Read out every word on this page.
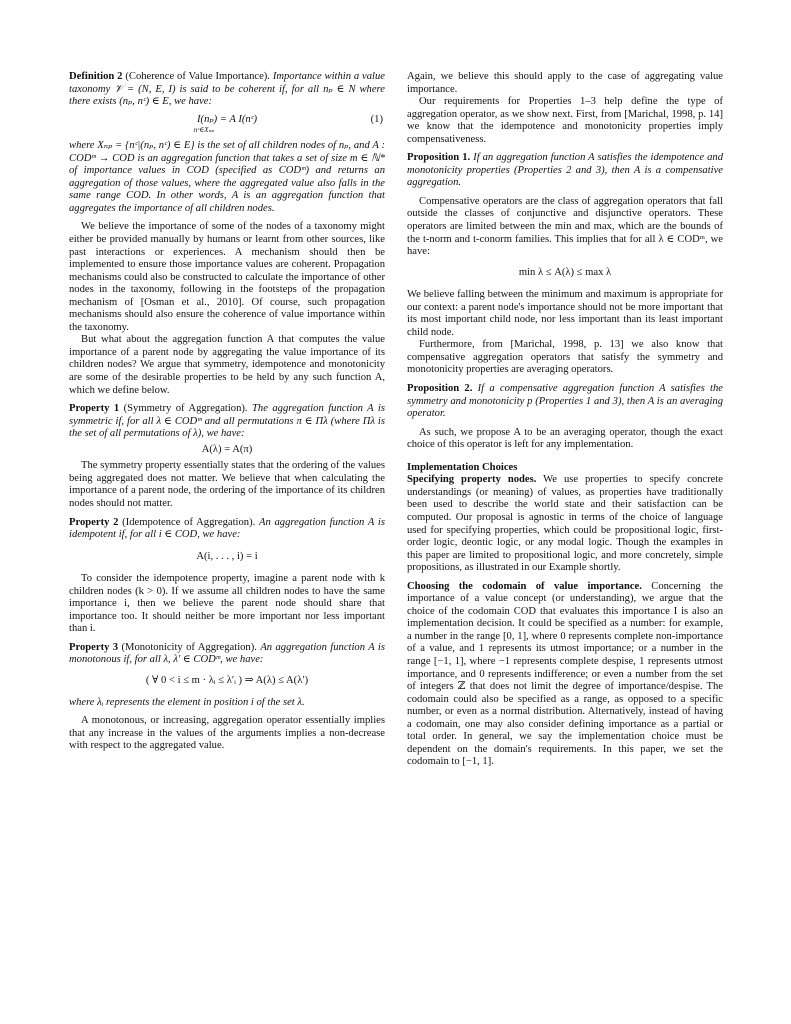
Definition 2 (Coherence of Value Importance). Importance within a value taxonomy 𝒱 = (N, E, I) is said to be coherent if, for all nₚ ∈ N where there exists (nₚ, nᶜ) ∈ E, we have:

I(nₚ) = A I(nᶜ)	(1)
nᶜ∈Xₙₚ

where Xₙₚ = {nᶜ|(nₚ, nᶜ) ∈ E} is the set of all children nodes of nₚ, and A : CODᵐ → COD is an aggregation function that takes a set of size m ∈ ℕ* of importance values in COD (specified as CODᵐ) and returns an aggregation of those values, where the aggregated value also falls in the same range COD. In other words, A is an aggregation function that aggregates the importance of all children nodes.

We believe the importance of some of the nodes of a taxonomy might either be provided manually by humans or learnt from other sources, like past interactions or experiences. A mechanism should then be implemented to ensure those importance values are coherent. Propagation mechanisms could also be constructed to calculate the importance of other nodes in the taxonomy, following in the footsteps of the propagation mechanism of [Osman et al., 2010]. Of course, such propagation mechanisms should also ensure the coherence of value importance within the taxonomy.

But what about the aggregation function A that computes the value importance of a parent node by aggregating the value importance of its children nodes? We argue that symmetry, idempotence and monotonicity are some of the desirable properties to be held by any such function A, which we define below.

Property 1 (Symmetry of Aggregation). The aggregation function A is symmetric if, for all λ ∈ CODᵐ and all permutations π ∈ Πλ (where Πλ is the set of all permutations of λ), we have:

A(λ) = A(π)

The symmetry property essentially states that the ordering of the values being aggregated does not matter. We believe that when calculating the importance of a parent node, the ordering of the importance of its children nodes should not matter.

Property 2 (Idempotence of Aggregation). An aggregation function A is idempotent if, for all i ∈ COD, we have:

A(i, . . . , i) = i

To consider the idempotence property, imagine a parent node with k children nodes (k > 0). If we assume all children nodes to have the same importance i, then we believe the parent node should share that importance too. It should neither be more important nor less important than i.

Property 3 (Monotonicity of Aggregation). An aggregation function A is monotonous if, for all λ, λ′ ∈ CODᵐ, we have:

( ∀ 0 < i ≤ m · λᵢ ≤ λ′ᵢ ) ⇒ A(λ) ≤ A(λ′)

where λᵢ represents the element in position i of the set λ.

A monotonous, or increasing, aggregation operator essentially implies that any increase in the values of the arguments implies a non-decrease with respect to the aggregated value.

Again, we believe this should apply to the case of aggregating value importance.

Our requirements for Properties 1–3 help define the type of aggregation operator, as we show next. First, from [Marichal, 1998, p. 14] we know that the idempotence and monotonicity properties imply compensativeness.

Proposition 1. If an aggregation function A satisfies the idempotence and monotonicity properties (Properties 2 and 3), then A is a compensative aggregation.

Compensative operators are the class of aggregation operators that fall outside the classes of conjunctive and disjunctive operators. These operators are limited between the min and max, which are the bounds of the t-norm and t-conorm families. This implies that for all λ ∈ CODᵐ, we have:

min λ ≤ A(λ) ≤ max λ

We believe falling between the minimum and maximum is appropriate for our context: a parent node's importance should not be more important that its most important child node, nor less important than its least important child node.

Furthermore, from [Marichal, 1998, p. 13] we also know that compensative aggregation operators that satisfy the symmetry and monotonicity properties are averaging operators.

Proposition 2. If a compensative aggregation function A satisfies the symmetry and monotonicity p (Properties 1 and 3), then A is an averaging operator.

As such, we propose A to be an averaging operator, though the exact choice of this operator is left for any implementation.

Implementation Choices

Specifying property nodes. We use properties to specify concrete understandings (or meaning) of values, as properties have traditionally been used to describe the world state and their satisfaction can be computed. Our proposal is agnostic in terms of the choice of language used for specifying properties, which could be propositional logic, first-order logic, deontic logic, or any modal logic. Though the examples in this paper are limited to propositional logic, and more concretely, simple propositions, as illustrated in our Example shortly.

Choosing the codomain of value importance. Concerning the importance of a value concept (or understanding), we argue that the choice of the codomain COD that evaluates this importance I is also an implementation decision. It could be specified as a number: for example, a number in the range [0, 1], where 0 represents complete non-importance of a value, and 1 represents its utmost importance; or a number in the range [−1, 1], where −1 represents complete despise, 1 represents utmost importance, and 0 represents indifference; or even a number from the set of integers ℤ that does not limit the degree of importance/despise. The codomain could also be specified as a range, as opposed to a specific number, or even as a normal distribution. Alternatively, instead of having a codomain, one may also consider defining importance as a partial or total order. In general, we say the implementation choice must be dependent on the domain's requirements. In this paper, we set the codomain to [−1, 1].
